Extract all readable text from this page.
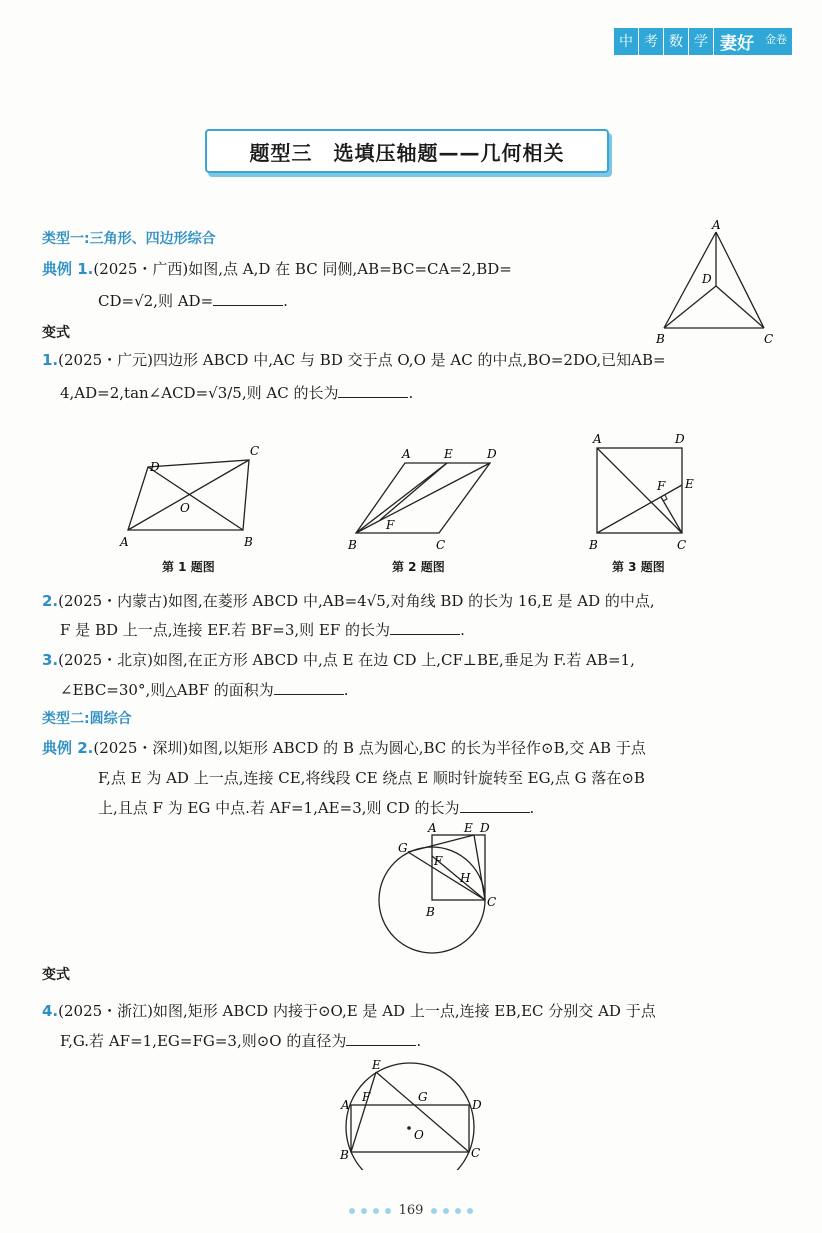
中 考 数 学 妻好	金卷
题型三　选填压轴题——几何相关
类型一:三角形、四边形综合
典例 1.(2025・广西)如图,点 A,D 在 BC 同侧,AB=BC=CA=2,BD=
CD=√2,则 AD=	.
A
D
B	C
变式
1.(2025・广元)四边形 ABCD 中,AC 与 BD 交于点 O,O 是 AC 的中点,BO=2DO,已知AB=
4,AD=2,tan∠ACD=√3/5,则 AC 的长为	.
A	B
C
D
O
A	E	D
F
B	C
A	D
E
F
B	C
第 1 题图	第 2 题图	第 3 题图
2.(2025・内蒙古)如图,在菱形 ABCD 中,AB=4√5,对角线 BD 的长为 16,E 是 AD 的中点,
F 是 BD 上一点,连接 EF.若 BF=3,则 EF 的长为	.
3.(2025・北京)如图,在正方形 ABCD 中,点 E 在边 CD 上,CF⊥BE,垂足为 F.若 AB=1,
∠EBC=30°,则△ABF 的面积为	.
类型二:圆综合
典例 2.(2025・深圳)如图,以矩形 ABCD 的 B 点为圆心,BC 的长为半径作⊙B,交 AB 于点
F,点 E 为 AD 上一点,连接 CE,将线段 CE 绕点 E 顺时针旋转至 EG,点 G 落在⊙B
上,且点 F 为 EG 中点.若 AF=1,AE=3,则 CD 的长为	.
A E D
G
F
H
B
C
变式
4.(2025・浙江)如图,矩形 ABCD 内接于⊙O,E 是 AD 上一点,连接 EB,EC 分别交 AD 于点
F,G.若 AF=1,EG=FG=3,则⊙O 的直径为	.
E
A
F	G
D
O
B	C
169
